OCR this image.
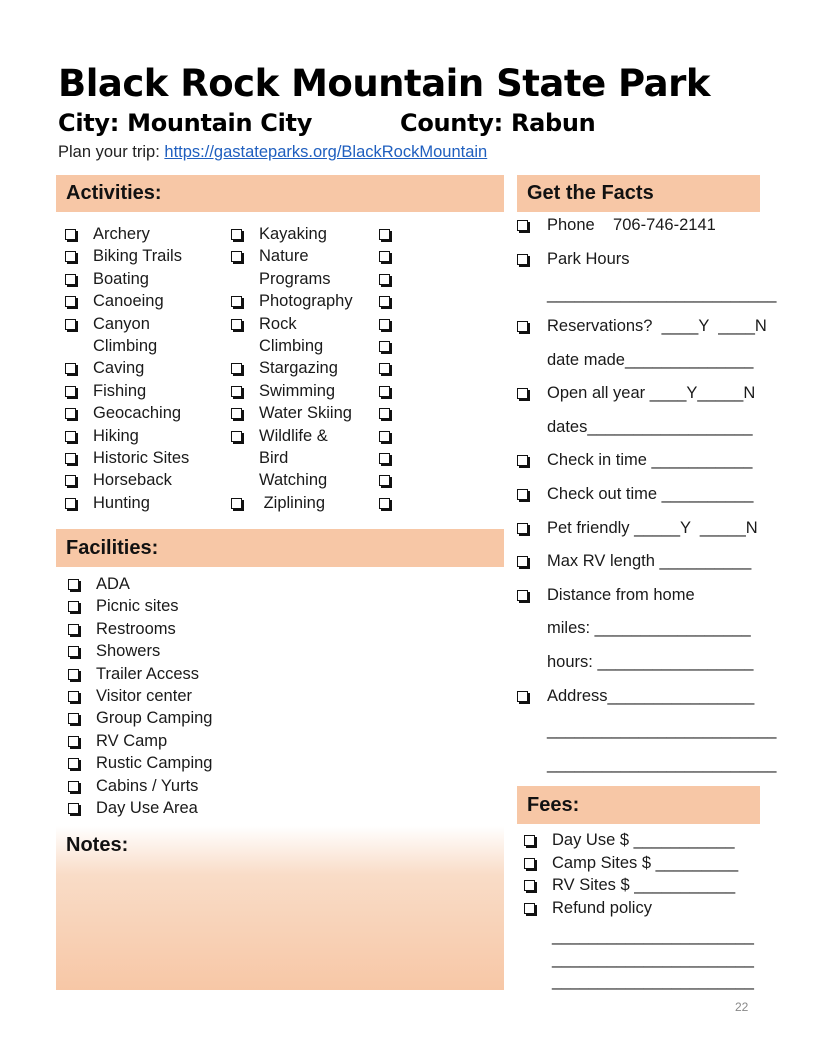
Black Rock Mountain State Park
City: Mountain City	County: Rabun
Plan your trip: https://gastateparks.org/BlackRockMountain
Activities:
Archery
Biking Trails
Boating
Canoeing
Canyon
Climbing
Caving
Fishing
Geocaching
Hiking
Historic Sites
Horseback
Hunting
Kayaking
Nature
Programs
Photography
Rock
Climbing
Stargazing
Swimming
Water Skiing
Wildlife &
Bird
Watching
Ziplining
Facilities:
ADA
Picnic sites
Restrooms
Showers
Trailer Access
Visitor center
Group Camping
RV Camp
Rustic Camping
Cabins / Yurts
Day Use Area
Notes:
Get the Facts
Phone    706-746-2141
Park Hours
_________________________
Reservations?  ____Y  ____N
date made______________
Open all year ____Y_____N
dates__________________
Check in time ___________
Check out time __________
Pet friendly _____Y  _____N
Max RV length __________
Distance from home
miles: _________________
hours: _________________
Address________________
_________________________
_________________________
Fees:
Day Use $ ___________
Camp Sites $ _________
RV Sites $ ___________
Refund policy
______________________
______________________
______________________
22
